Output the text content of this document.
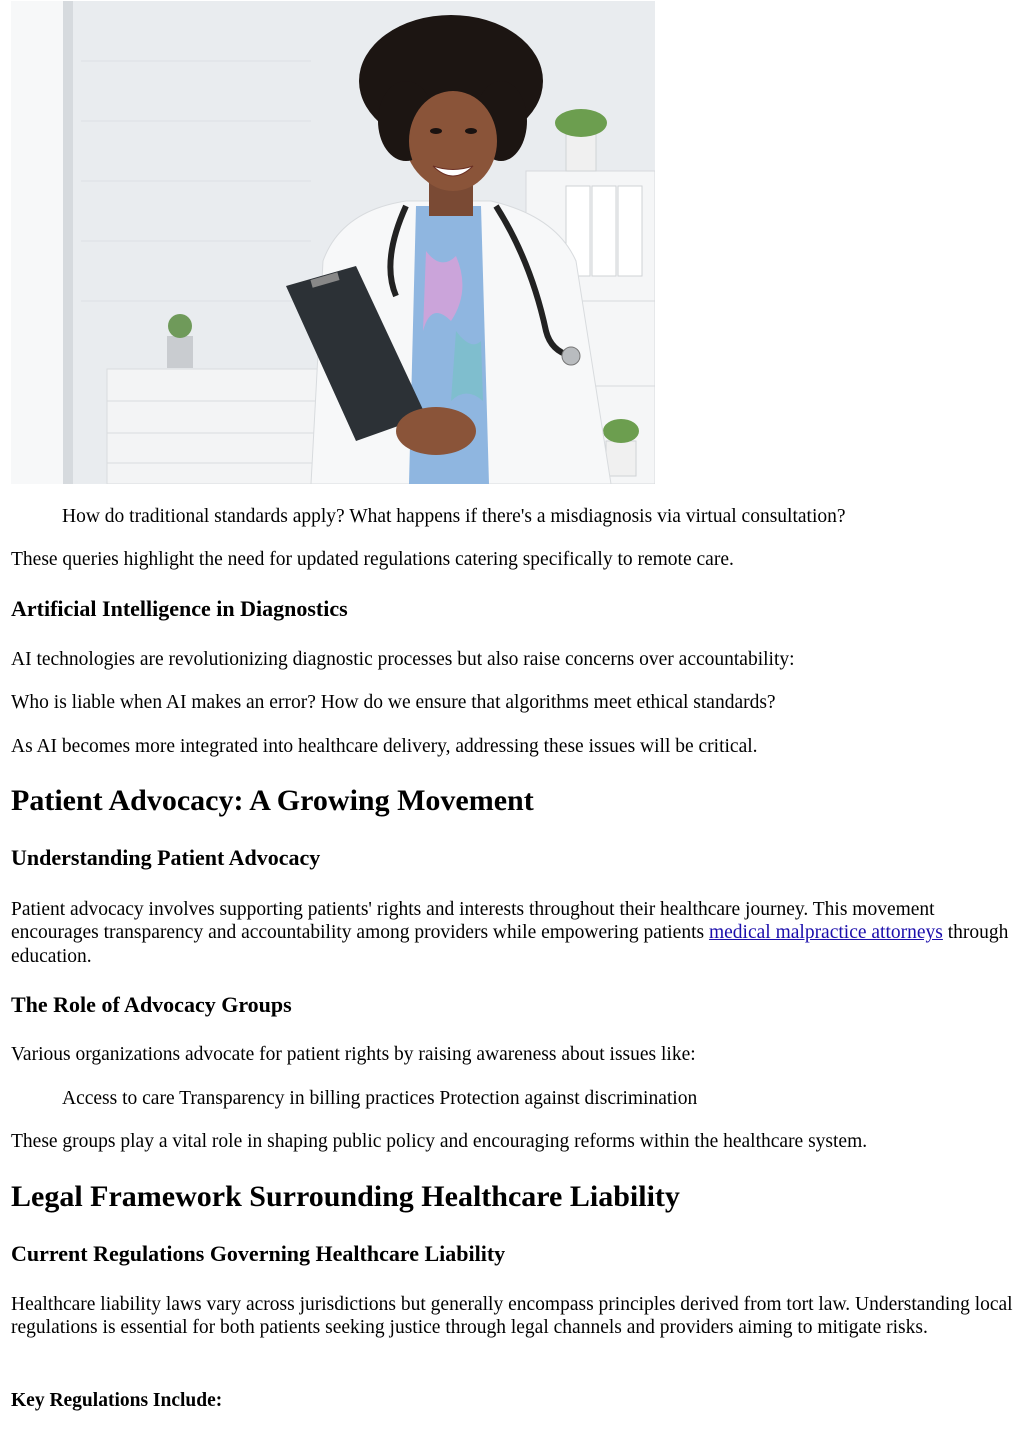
How do traditional standards apply? What happens if there's a misdiagnosis via virtual consultation?

These queries highlight the need for updated regulations catering specifically to remote care.

Artificial Intelligence in Diagnostics

AI technologies are revolutionizing diagnostic processes but also raise concerns over accountability:

Who is liable when AI makes an error? How do we ensure that algorithms meet ethical standards?

As AI becomes more integrated into healthcare delivery, addressing these issues will be critical.

Patient Advocacy: A Growing Movement
Understanding Patient Advocacy

Patient advocacy involves supporting patients' rights and interests throughout their healthcare journey. This movement encourages transparency and accountability among providers while empowering patients medical malpractice attorneys through education.

The Role of Advocacy Groups

Various organizations advocate for patient rights by raising awareness about issues like:

Access to care Transparency in billing practices Protection against discrimination

These groups play a vital role in shaping public policy and encouraging reforms within the healthcare system.

Legal Framework Surrounding Healthcare Liability
Current Regulations Governing Healthcare Liability

Healthcare liability laws vary across jurisdictions but generally encompass principles derived from tort law. Understanding local regulations is essential for both patients seeking justice through legal channels and providers aiming to mitigate risks.

Key Regulations Include:
